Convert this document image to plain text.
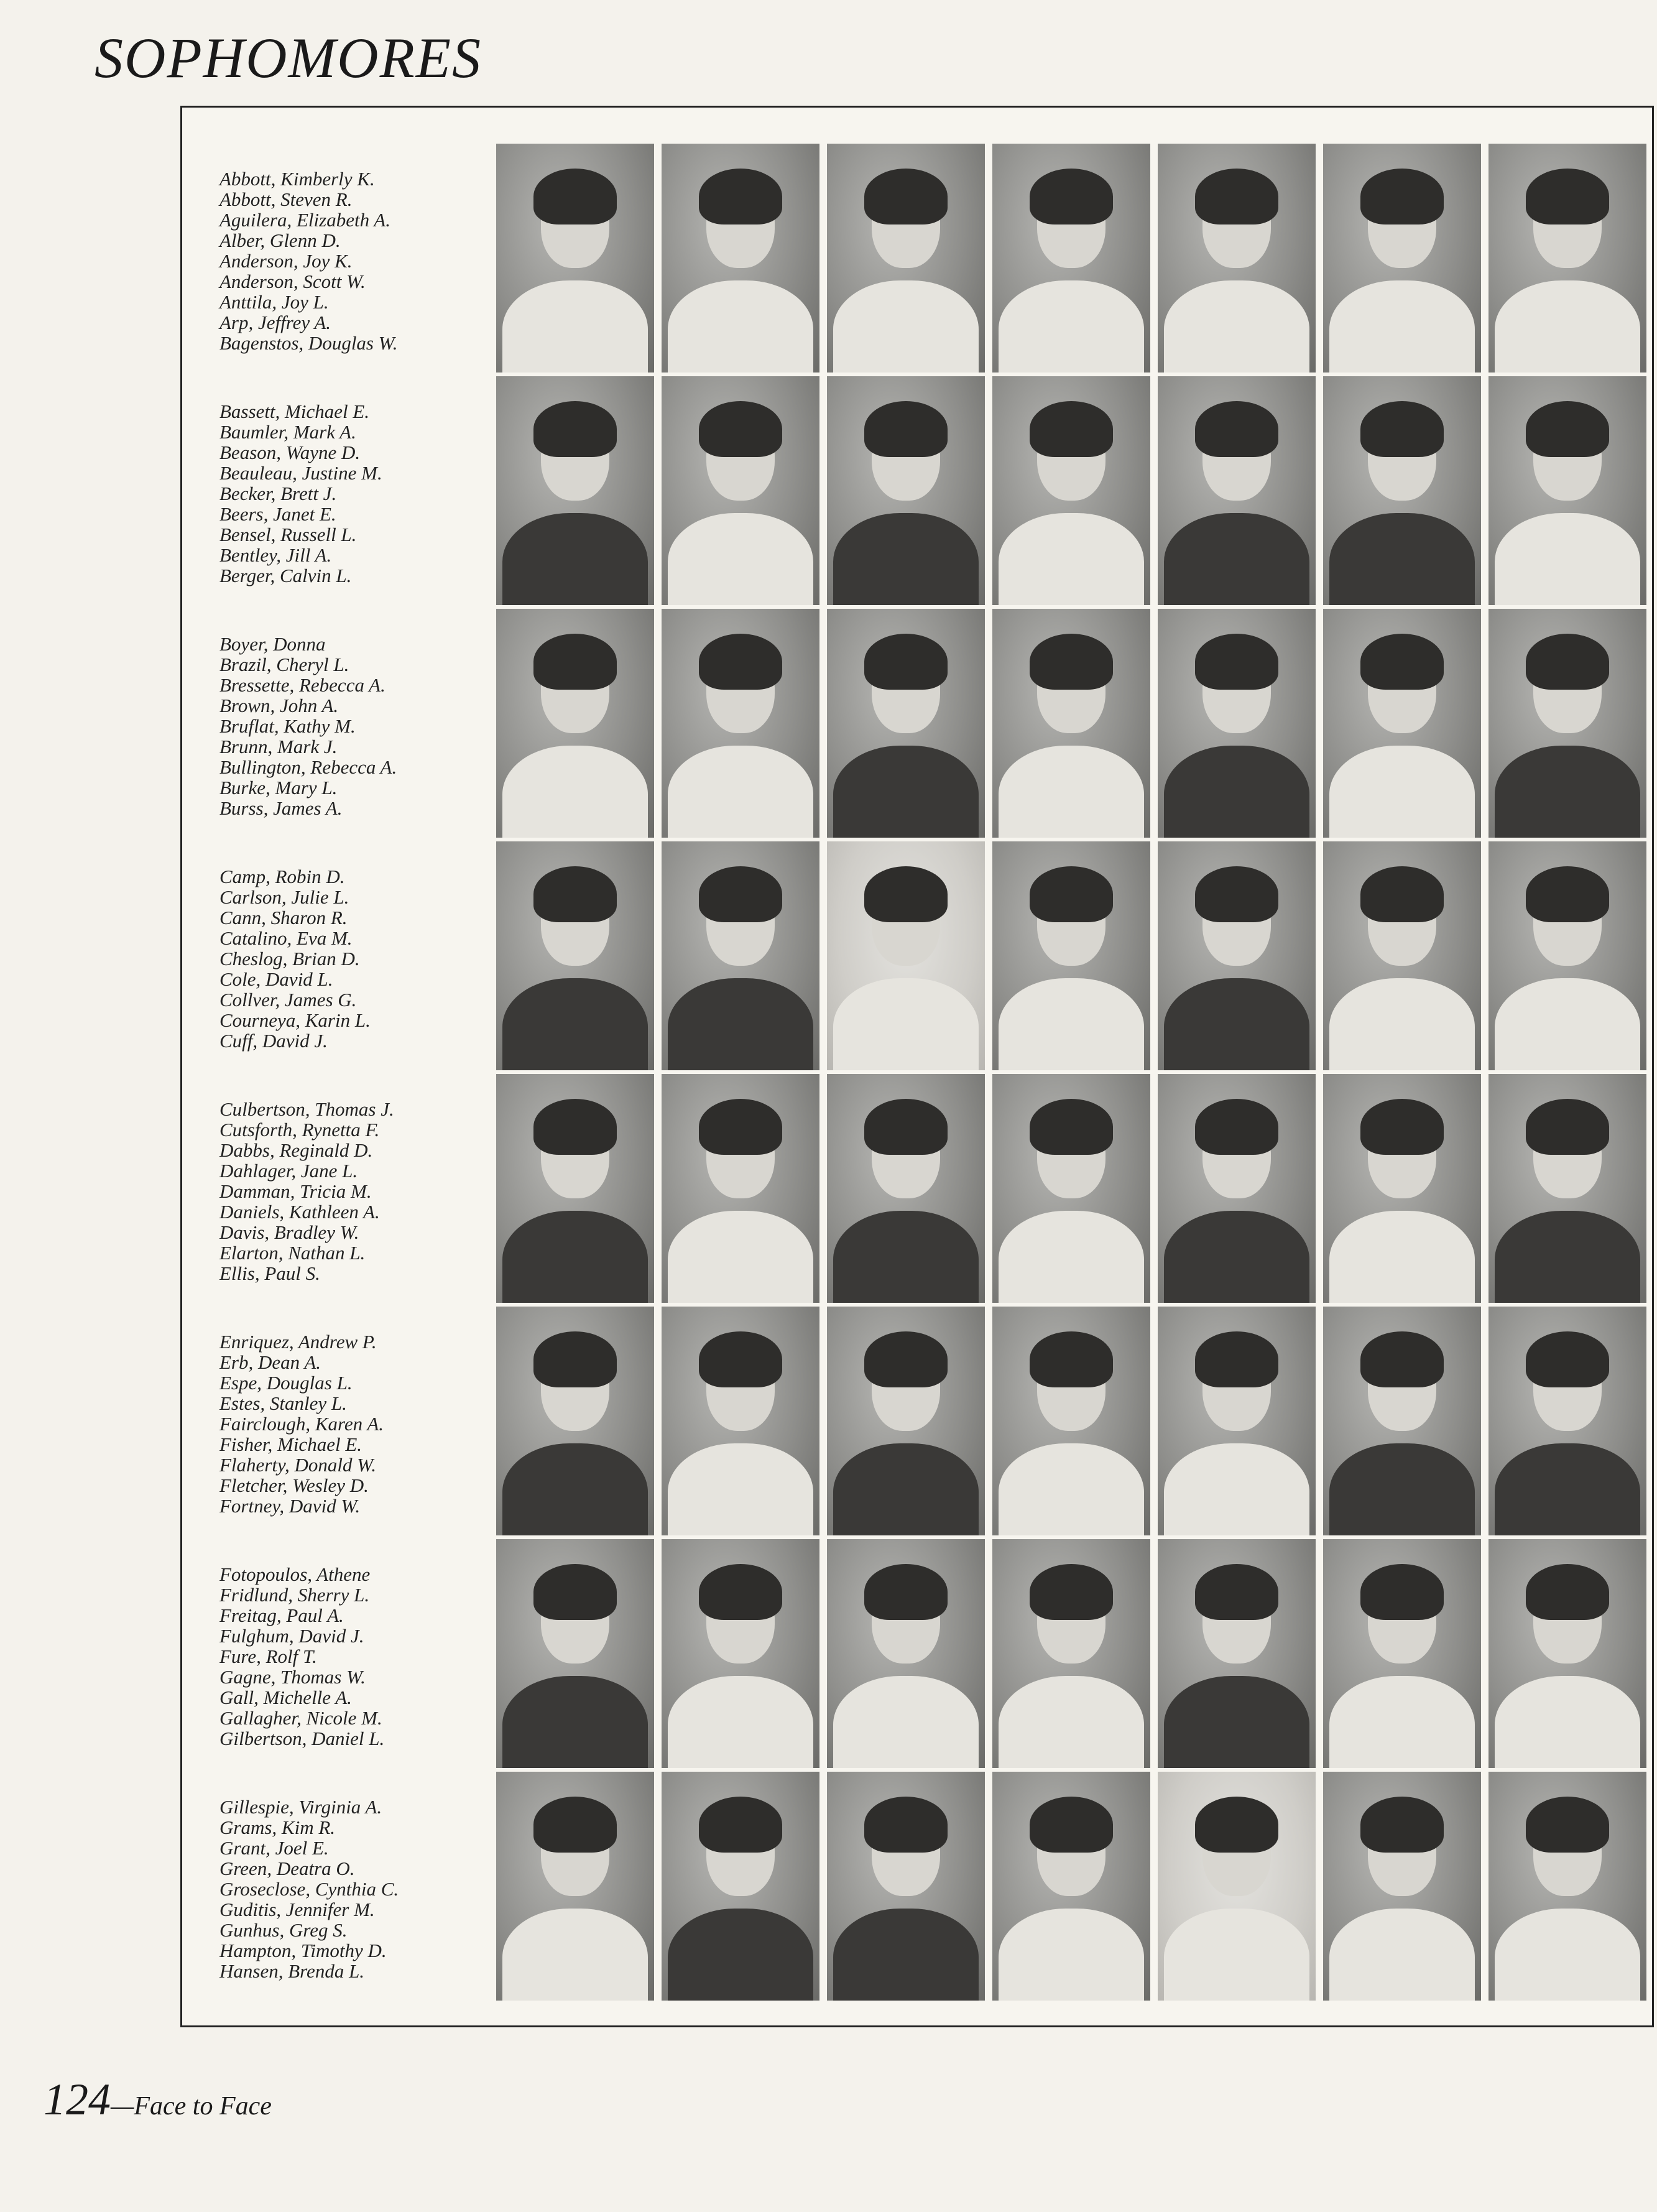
SOPHOMORES
Abbott, Kimberly K.
Abbott, Steven R.
Aguilera, Elizabeth A.
Alber, Glenn D.
Anderson, Joy K.
Anderson, Scott W.
Anttila, Joy L.
Arp, Jeffrey A.
Bagenstos, Douglas W.
Bassett, Michael E.
Baumler, Mark A.
Beason, Wayne D.
Beauleau, Justine M.
Becker, Brett J.
Beers, Janet E.
Bensel, Russell L.
Bentley, Jill A.
Berger, Calvin L.
Boyer, Donna
Brazil, Cheryl L.
Bressette, Rebecca A.
Brown, John A.
Bruflat, Kathy M.
Brunn, Mark J.
Bullington, Rebecca A.
Burke, Mary L.
Burss, James A.
Camp, Robin D.
Carlson, Julie L.
Cann, Sharon R.
Catalino, Eva M.
Cheslog, Brian D.
Cole, David L.
Collver, James G.
Courneya, Karin L.
Cuff, David J.
Culbertson, Thomas J.
Cutsforth, Rynetta F.
Dabbs, Reginald D.
Dahlager, Jane L.
Damman, Tricia M.
Daniels, Kathleen A.
Davis, Bradley W.
Elarton, Nathan L.
Ellis, Paul S.
Enriquez, Andrew P.
Erb, Dean A.
Espe, Douglas L.
Estes, Stanley L.
Fairclough, Karen A.
Fisher, Michael E.
Flaherty, Donald W.
Fletcher, Wesley D.
Fortney, David W.
Fotopoulos, Athene
Fridlund, Sherry L.
Freitag, Paul A.
Fulghum, David J.
Fure, Rolf T.
Gagne, Thomas W.
Gall, Michelle A.
Gallagher, Nicole M.
Gilbertson, Daniel L.
Gillespie, Virginia A.
Grams, Kim R.
Grant, Joel E.
Green, Deatra O.
Groseclose, Cynthia C.
Guditis, Jennifer M.
Gunhus, Greg S.
Hampton, Timothy D.
Hansen, Brenda L.
124—Face to Face
